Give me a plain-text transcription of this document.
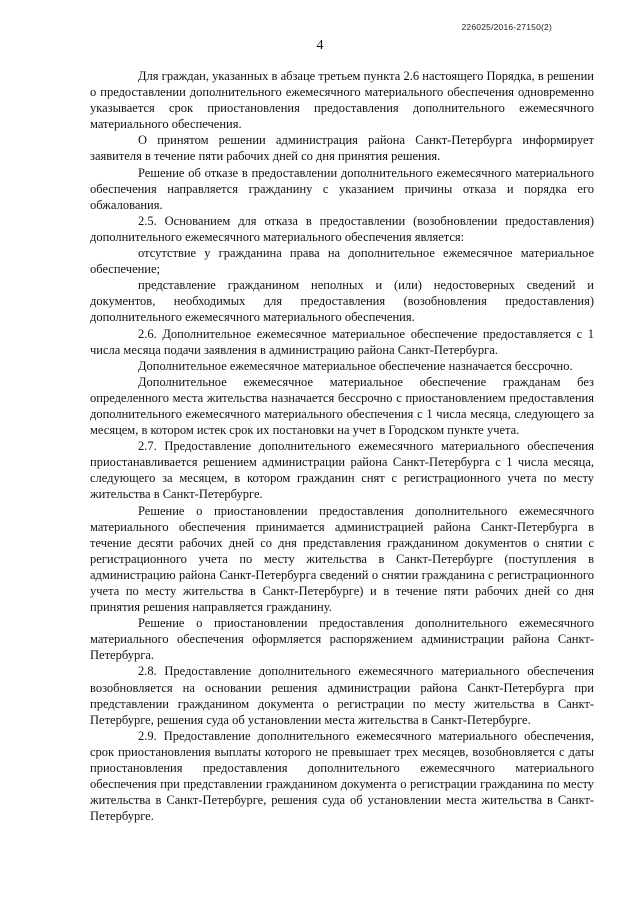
226025/2016-27150(2)
4

Для граждан, указанных в абзаце третьем пункта 2.6 настоящего Порядка, в решении о предоставлении дополнительного ежемесячного материального обеспечения одновременно указывается срок приостановления предоставления дополнительного ежемесячного материального обеспечения.

О принятом решении администрация района Санкт-Петербурга информирует заявителя в течение пяти рабочих дней со дня принятия решения.

Решение об отказе в предоставлении дополнительного ежемесячного материального обеспечения направляется гражданину с указанием причины отказа и порядка его обжалования.

2.5. Основанием для отказа в предоставлении (возобновлении предоставления) дополнительного ежемесячного материального обеспечения является:

отсутствие у гражданина права на дополнительное ежемесячное материальное обеспечение;

представление гражданином неполных и (или) недостоверных сведений и документов, необходимых для предоставления (возобновления предоставления) дополнительного ежемесячного материального обеспечения.

2.6. Дополнительное ежемесячное материальное обеспечение предоставляется с 1 числа месяца подачи заявления в администрацию района Санкт-Петербурга.

Дополнительное ежемесячное материальное обеспечение назначается бессрочно.

Дополнительное ежемесячное материальное обеспечение гражданам без определенного места жительства назначается бессрочно с приостановлением предоставления дополнительного ежемесячного материального обеспечения с 1 числа месяца, следующего за месяцем, в котором истек срок их постановки на учет в Городском пункте учета.

2.7. Предоставление дополнительного ежемесячного материального обеспечения приостанавливается решением администрации района Санкт-Петербурга с 1 числа месяца, следующего за месяцем, в котором гражданин снят с регистрационного учета по месту жительства в Санкт-Петербурге.

Решение о приостановлении предоставления дополнительного ежемесячного материального обеспечения принимается администрацией района Санкт-Петербурга в течение десяти рабочих дней со дня представления гражданином документов о снятии с регистрационного учета по месту жительства в Санкт-Петербурге (поступления в администрацию района Санкт-Петербурга сведений о снятии гражданина с регистрационного учета по месту жительства в Санкт-Петербурге) и в течение пяти рабочих дней со дня принятия решения направляется гражданину.

Решение о приостановлении предоставления дополнительного ежемесячного материального обеспечения оформляется распоряжением администрации района Санкт-Петербурга.

2.8. Предоставление дополнительного ежемесячного материального обеспечения возобновляется на основании решения администрации района Санкт-Петербурга при представлении гражданином документа о регистрации по месту жительства в Санкт-Петербурге, решения суда об установлении места жительства в Санкт-Петербурге.

2.9. Предоставление дополнительного ежемесячного материального обеспечения, срок приостановления выплаты которого не превышает трех месяцев, возобновляется с даты приостановления предоставления дополнительного ежемесячного материального обеспечения при представлении гражданином документа о регистрации гражданина по месту жительства в Санкт-Петербурге, решения суда об установлении места жительства в Санкт-Петербурге.
